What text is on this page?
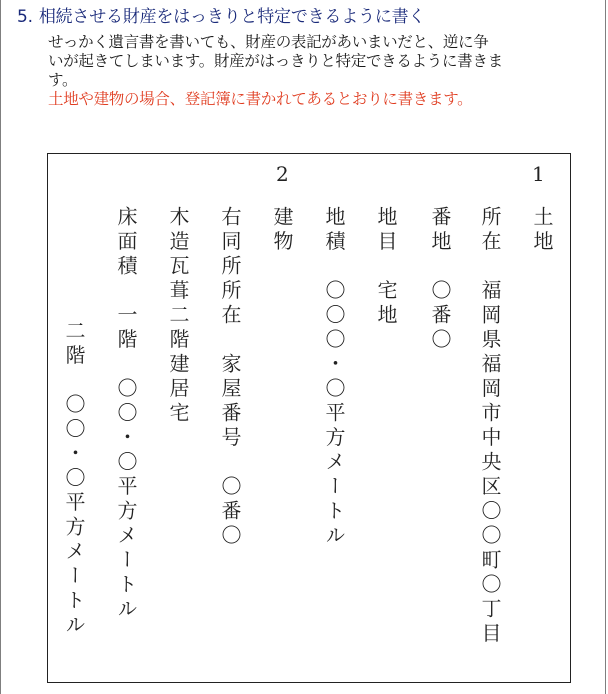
5. 相続させる財産をはっきりと特定できるように書く
せっかく遺言書を書いても、財産の表記があいまいだと、逆に争
いが起きてしまいます。財産がはっきりと特定できるように書きま
す。
土地や建物の場合、登記簿に書かれてあるとおりに書きます。
1
2
土地
所在　福岡県福岡市中央区〇〇町〇丁目
番地　〇番〇
地目　宅地
地積　〇〇〇・〇平方メートル
建物
右同所所在　家屋番号　〇番〇
木造瓦葺二階建居宅
床面積　一階　〇〇・〇平方メートル
二階　〇〇・〇平方メートル
